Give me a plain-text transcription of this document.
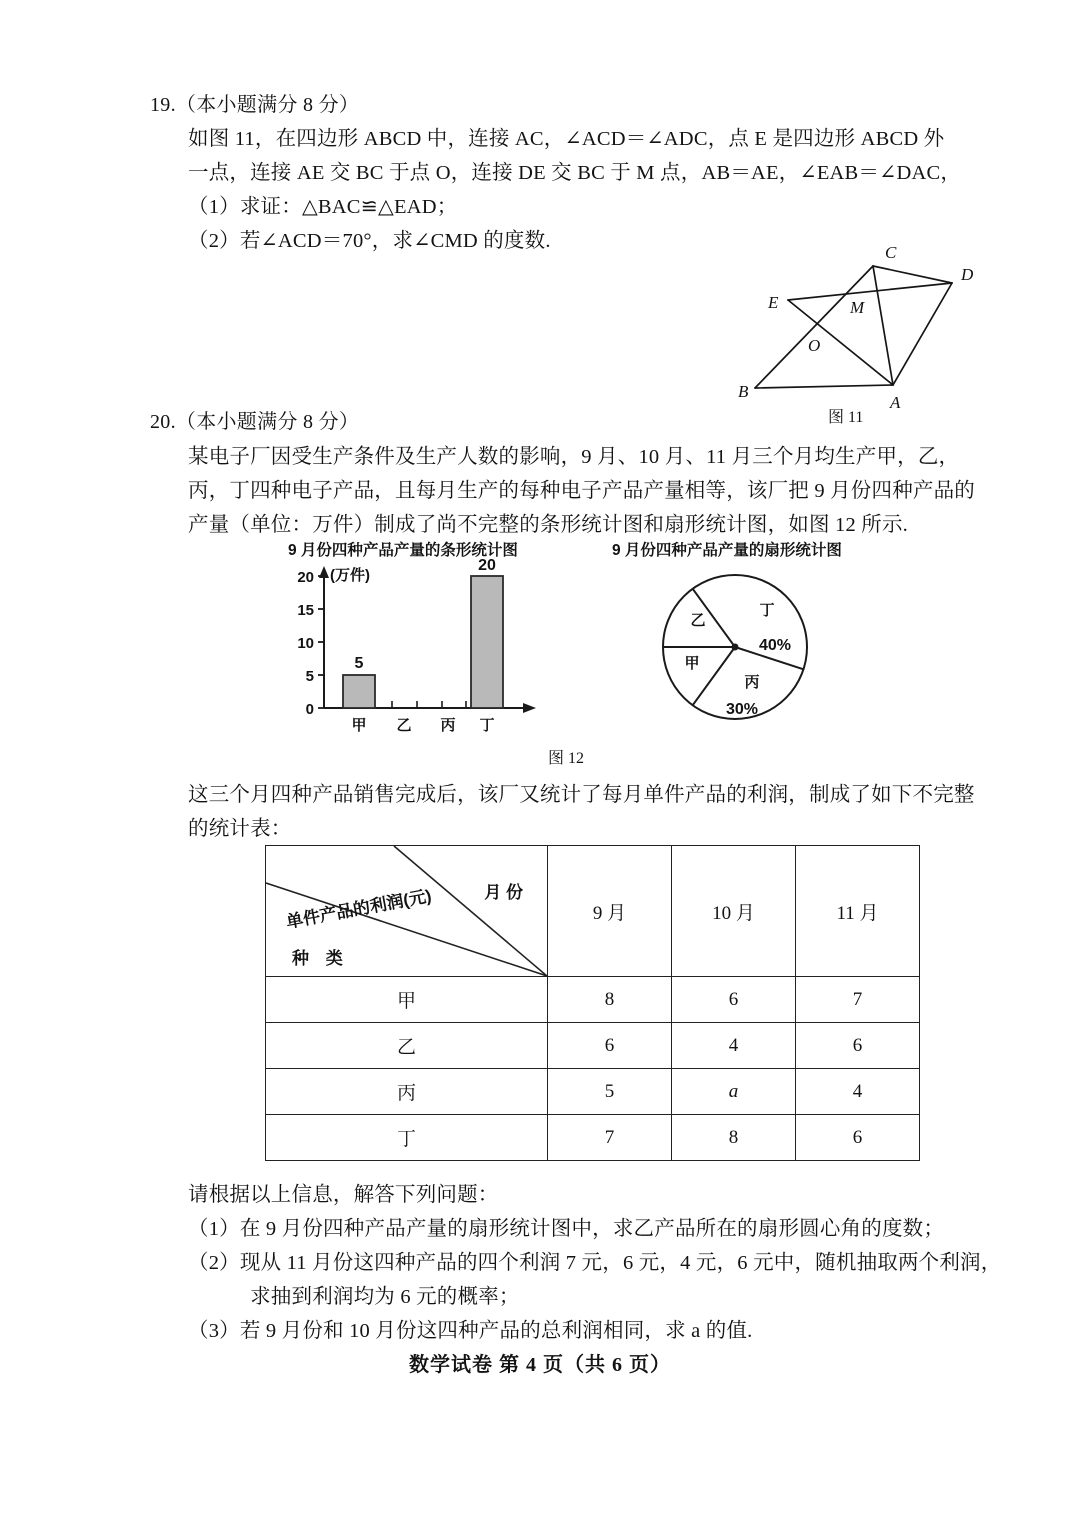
19.（本小题满分 8 分）
如图 11，在四边形 ABCD 中，连接 AC，∠ACD＝∠ADC，点 E 是四边形 ABCD 外
一点，连接 AE 交 BC 于点 O，连接 DE 交 BC 于 M 点，AB＝AE，∠EAB＝∠DAC，
（1）求证：△BAC≌△EAD；
（2）若∠ACD＝70°，求∠CMD 的度数.
C
D
E	M
O
B
A
图 11
20.（本小题满分 8 分）
某电子厂因受生产条件及生产人数的影响，9 月、10 月、11 月三个月均生产甲，乙，
丙，丁四种电子产品，且每月生产的每种电子产品产量相等，该厂把 9 月份四种产品的
产量（单位：万件）制成了尚不完整的条形统计图和扇形统计图，如图 12 所示.
9 月份四种产品产量的条形统计图
0
5
10
15
20 (万件)
5
20
甲 乙 丙 丁
9 月份四种产品产量的扇形统计图
丁
40%
丙
30%
乙
甲
图 12
这三个月四种产品销售完成后，该厂又统计了每月单件产品的利润，制成了如下不完整
的统计表：
月 份
单件产品的利润(元)
种 类	9 月	10 月	11 月
甲	8	6	7
乙	6	4	6
丙	5	a	4
丁	7	8	6
请根据以上信息，解答下列问题：
（1）在 9 月份四种产品产量的扇形统计图中，求乙产品所在的扇形圆心角的度数；
（2）现从 11 月份这四种产品的四个利润 7 元，6 元，4 元，6 元中，随机抽取两个利润，
　　　求抽到利润均为 6 元的概率；
（3）若 9 月份和 10 月份这四种产品的总利润相同，求 a 的值.
数学试卷 第 4 页（共 6 页）
